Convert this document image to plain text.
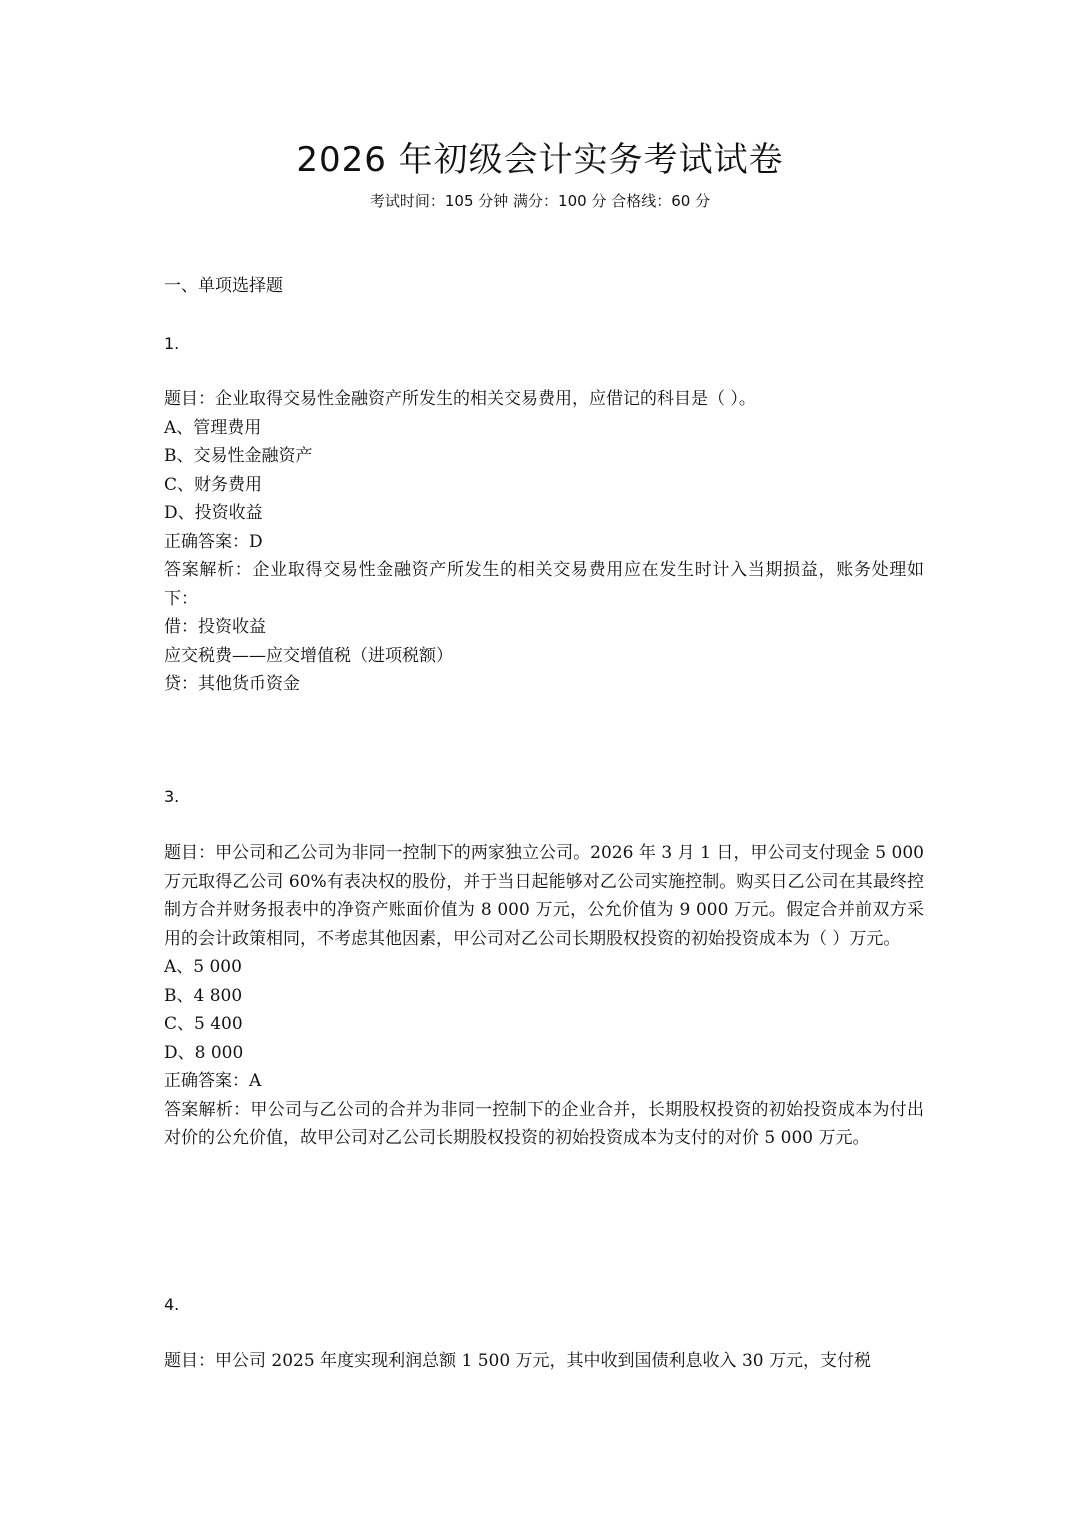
2026 年初级会计实务考试试卷
考试时间：105 分钟 满分：100 分 合格线：60 分
一、单项选择题
1.
题目：企业取得交易性金融资产所发生的相关交易费用，应借记的科目是（ ）。
A、管理费用
B、交易性金融资产
C、财务费用
D、投资收益
正确答案：D
答案解析：企业取得交易性金融资产所发生的相关交易费用应在发生时计入当期损益，账务处理如下：
借：投资收益
应交税费——应交增值税（进项税额）
贷：其他货币资金
3.
题目：甲公司和乙公司为非同一控制下的两家独立公司。2026 年 3 月 1 日，甲公司支付现金 5 000 万元取得乙公司 60%有表决权的股份，并于当日起能够对乙公司实施控制。购买日乙公司在其最终控制方合并财务报表中的净资产账面价值为 8 000 万元，公允价值为 9 000 万元。假定合并前双方采用的会计政策相同，不考虑其他因素，甲公司对乙公司长期股权投资的初始投资成本为（ ）万元。
A、5 000
B、4 800
C、5 400
D、8 000
正确答案：A
答案解析：甲公司与乙公司的合并为非同一控制下的企业合并，长期股权投资的初始投资成本为付出对价的公允价值，故甲公司对乙公司长期股权投资的初始投资成本为支付的对价 5 000 万元。
4.
题目：甲公司 2025 年度实现利润总额 1 500 万元，其中收到国债利息收入 30 万元，支付税
